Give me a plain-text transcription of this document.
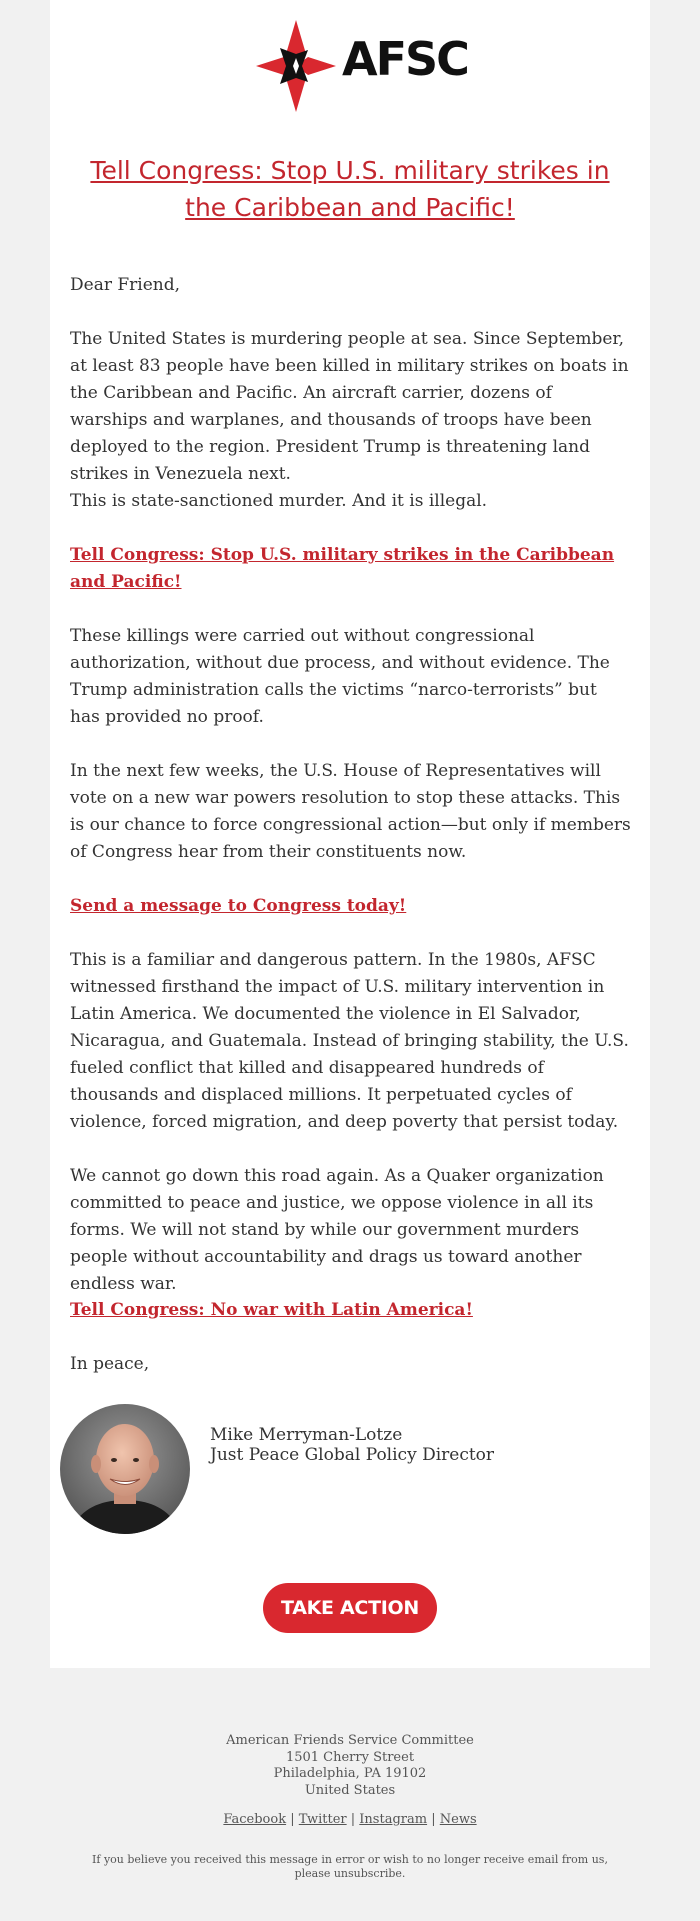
AFSC
Tell Congress: Stop U.S. military strikes in the Caribbean and Pacific!
Dear Friend,
The United States is murdering people at sea. Since September, at least 83 people have been killed in military strikes on boats in the Caribbean and Pacific. An aircraft carrier, dozens of warships and warplanes, and thousands of troops have been deployed to the region. President Trump is threatening land strikes in Venezuela next.
This is state-sanctioned murder. And it is illegal.
Tell Congress: Stop U.S. military strikes in the Caribbean and Pacific!
These killings were carried out without congressional authorization, without due process, and without evidence. The Trump administration calls the victims “narco-terrorists” but has provided no proof.
In the next few weeks, the U.S. House of Representatives will vote on a new war powers resolution to stop these attacks. This is our chance to force congressional action—but only if members of Congress hear from their constituents now.
Send a message to Congress today!
This is a familiar and dangerous pattern. In the 1980s, AFSC witnessed firsthand the impact of U.S. military intervention in Latin America. We documented the violence in El Salvador, Nicaragua, and Guatemala. Instead of bringing stability, the U.S. fueled conflict that killed and disappeared hundreds of thousands and displaced millions. It perpetuated cycles of violence, forced migration, and deep poverty that persist today.
We cannot go down this road again. As a Quaker organization committed to peace and justice, we oppose violence in all its forms. We will not stand by while our government murders people without accountability and drags us toward another endless war.
Tell Congress: No war with Latin America!
In peace,
Mike Merryman-Lotze
Just Peace Global Policy Director
TAKE ACTION
American Friends Service Committee
1501 Cherry Street
Philadelphia, PA 19102
United States
Facebook | Twitter | Instagram | News
If you believe you received this message in error or wish to no longer receive email from us, please unsubscribe.
